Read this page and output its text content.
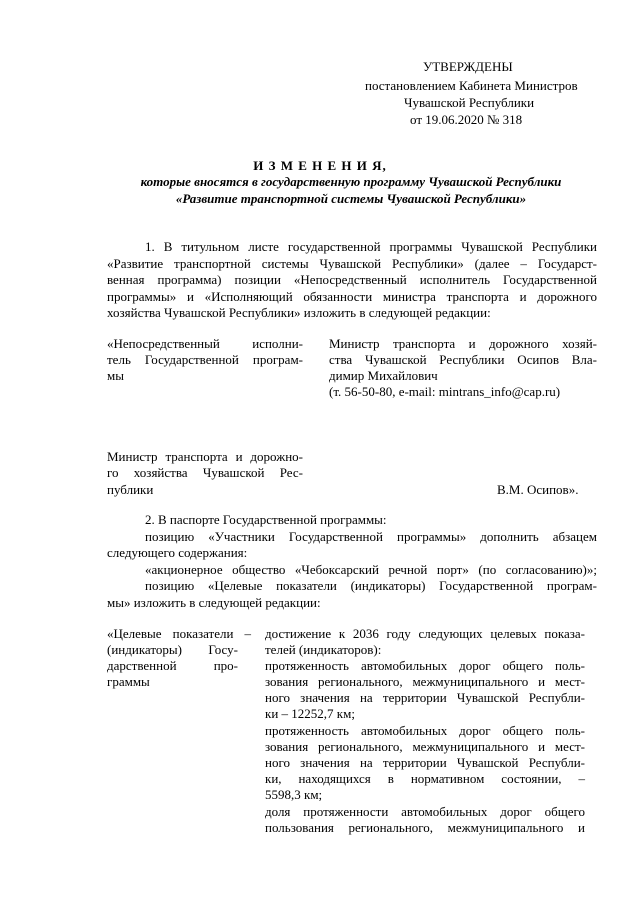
УТВЕРЖДЕНЫ
постановлением Кабинета Министров
Чувашской Республики
от 19.06.2020 № 318
И З М Е Н Е Н И Я,
которые вносятся в государственную программу Чувашской Республики
«Развитие транспортной системы Чувашской Республики»
1. В титульном листе государственной программы Чувашской Республики
«Развитие транспортной системы Чувашской Республики» (далее – Государст-
венная программа) позиции «Непосредственный исполнитель Государственной
программы» и «Исполняющий обязанности министра транспорта и дорожного
хозяйства Чувашской Республики» изложить в следующей редакции:
«Непосредственный исполни-
тель Государственной програм-
мы
Министр транспорта и дорожного хозяй-
ства Чувашской Республики Осипов Вла-
димир Михайлович
(т. 56-50-80, e-mail: mintrans_info@cap.ru)
Министр транспорта и дорожно-
го хозяйства Чувашской Рес-
публики	В.М. Осипов».
2. В паспорте Государственной программы:
позицию «Участники Государственной программы» дополнить абзацем
следующего содержания:
«акционерное общество «Чебоксарский речной порт» (по согласованию)»;
позицию «Целевые показатели (индикаторы) Государственной програм-
мы» изложить в следующей редакции:
«Целевые показатели –
(индикаторы) Госу-
дарственной про-
граммы
достижение к 2036 году следующих целевых показа-
телей (индикаторов):
протяженность автомобильных дорог общего поль-
зования регионального, межмуниципального и мест-
ного значения на территории Чувашской Республи-
ки – 12252,7 км;
протяженность автомобильных дорог общего поль-
зования регионального, межмуниципального и мест-
ного значения на территории Чувашской Республи-
ки, находящихся в нормативном состоянии, –
5598,3 км;
доля протяженности автомобильных дорог общего
пользования регионального, межмуниципального и
